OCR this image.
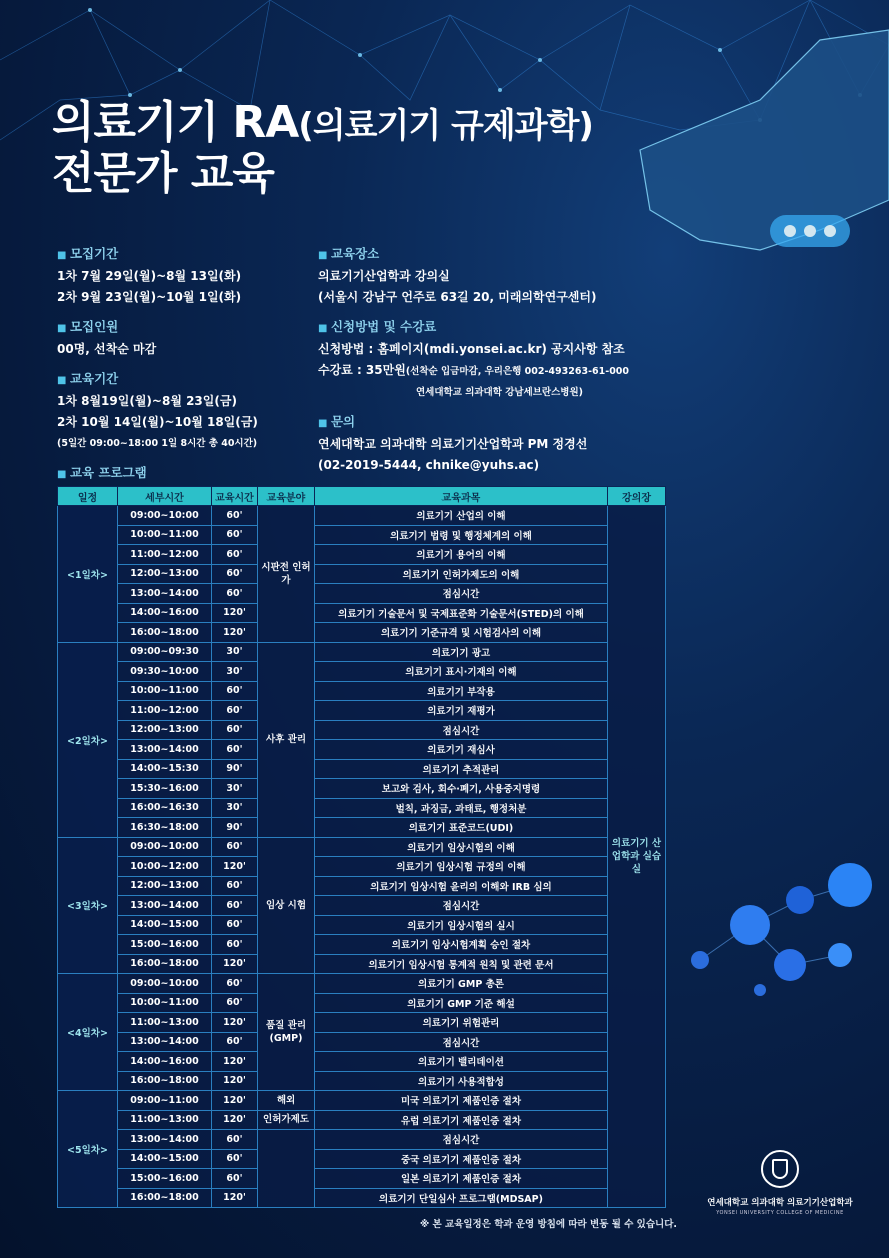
의료기기 RA(의료기기 규제과학)
전문가 교육
■ 모집기간
1차 7월 29일(월)~8월 13일(화)
2차 9월 23일(월)~10월 1일(화)
■ 모집인원
00명, 선착순 마감
■ 교육기간
1차 8월19일(월)~8월 23일(금)
2차 10월 14일(월)~10월 18일(금)
(5일간 09:00~18:00 1일 8시간 총 40시간)
■ 교육장소
의료기기산업학과 강의실
(서울시 강남구 언주로 63길 20, 미래의학연구센터)
■ 신청방법 및 수강료
신청방법 : 홈페이지(mdi.yonsei.ac.kr) 공지사항 참조
수강료 : 35만원(선착순 입금마감, 우리은행 002-493263-61-000
연세대학교 의과대학 강남세브란스병원)
■ 문의
연세대학교 의과대학 의료기기산업학과 PM 정경선
(02-2019-5444, chnike@yuhs.ac)
■ 교육 프로그램
일정	세부시간	교육시간	교육분야	교육과목	강의장
<1일차>	09:00~10:00	60'	시판전 인허가	의료기기 산업의 이해	의료기기 산업학과 실습실
	10:00~11:00	60'		의료기기 법령 및 행정체계의 이해	
	11:00~12:00	60'		의료기기 용어의 이해	
	12:00~13:00	60'		의료기기 인허가제도의 이해	
	13:00~14:00	60'		점심시간	
	14:00~16:00	120'		의료기기 기술문서 및 국제표준화 기술문서(STED)의 이해	
	16:00~18:00	120'		의료기기 기준규격 및 시험검사의 이해	
<2일차>	09:00~09:30	30'	사후 관리	의료기기 광고	
	09:30~10:00	30'		의료기기 표시·기재의 이해	
	10:00~11:00	60'		의료기기 부작용	
	11:00~12:00	60'		의료기기 재평가	
	12:00~13:00	60'		점심시간	
	13:00~14:00	60'		의료기기 재심사	
	14:00~15:30	90'		의료기기 추적관리	
	15:30~16:00	30'		보고와 검사, 회수·폐기, 사용중지명령	
	16:00~16:30	30'		벌칙, 과징금, 과태료, 행정처분	
	16:30~18:00	90'		의료기기 표준코드(UDI)	
<3일차>	09:00~10:00	60'	임상 시험	의료기기 임상시험의 이해	
	10:00~12:00	120'		의료기기 임상시험 규정의 이해	
	12:00~13:00	60'		의료기기 임상시험 윤리의 이해와 IRB 심의	
	13:00~14:00	60'		점심시간	
	14:00~15:00	60'		의료기기 임상시험의 실시	
	15:00~16:00	60'		의료기기 임상시험계획 승인 절차	
	16:00~18:00	120'		의료기기 임상시험 통계적 원칙 및 관련 문서	
<4일차>	09:00~10:00	60'	품질 관리 (GMP)	의료기기 GMP 총론	
	10:00~11:00	60'		의료기기 GMP 기준 해설	
	11:00~13:00	120'		의료기기 위험관리	
	13:00~14:00	60'		점심시간	
	14:00~16:00	120'		의료기기 밸리데이션	
	16:00~18:00	120'		의료기기 사용적합성	
<5일차>	09:00~11:00	120'	해외	미국 의료기기 제품인증 절차	
	11:00~13:00	120'	인허가제도	유럽 의료기기 제품인증 절차	
	13:00~14:00	60'		점심시간	
	14:00~15:00	60'		중국 의료기기 제품인증 절차	
	15:00~16:00	60'		일본 의료기기 제품인증 절차	
	16:00~18:00	120'		의료기기 단일심사 프로그램(MDSAP)	
※ 본 교육일정은 학과 운영 방침에 따라 변동 될 수 있습니다.
연세대학교 의과대학 의료기기산업학과
YONSEI UNIVERSITY COLLEGE OF MEDICINE
